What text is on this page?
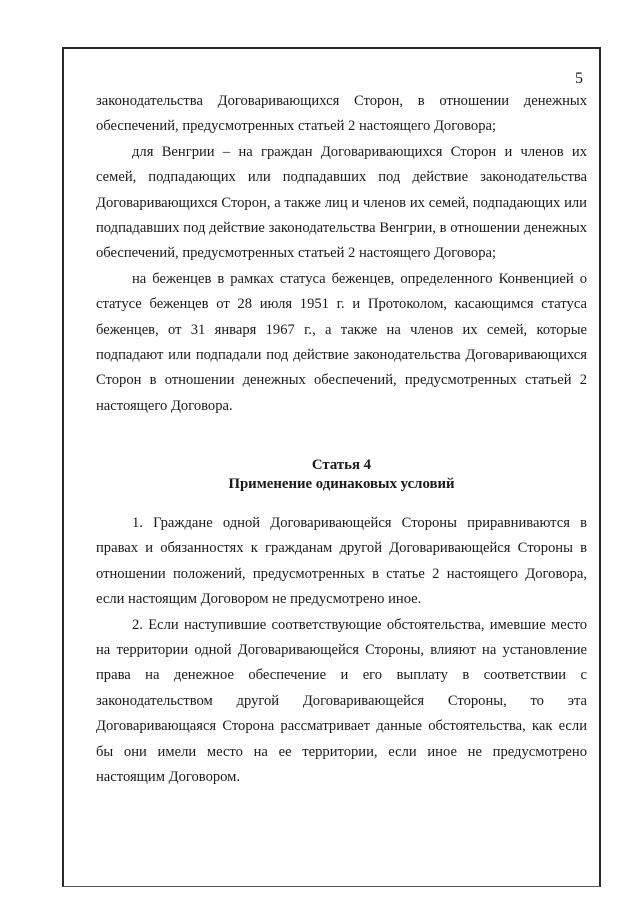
5

законодательства Договаривающихся Сторон, в отношении денежных обеспечений, предусмотренных статьей 2 настоящего Договора;

для Венгрии – на граждан Договаривающихся Сторон и членов их семей, подпадающих или подпадавших под действие законодательства Договаривающихся Сторон, а также лиц и членов их семей, подпадающих или подпадавших под действие законодательства Венгрии, в отношении денежных обеспечений, предусмотренных статьей 2 настоящего Договора;

на беженцев в рамках статуса беженцев, определенного Конвенцией о статусе беженцев от 28 июля 1951 г. и Протоколом, касающимся статуса беженцев, от 31 января 1967 г., а также на членов их семей, которые подпадают или подпадали под действие законодательства Договаривающихся Сторон в отношении денежных обеспечений, предусмотренных статьей 2 настоящего Договора.

Статья 4
Применение одинаковых условий

1. Граждане одной Договаривающейся Стороны приравниваются в правах и обязанностях к гражданам другой Договаривающейся Стороны в отношении положений, предусмотренных в статье 2 настоящего Договора, если настоящим Договором не предусмотрено иное.

2. Если наступившие соответствующие обстоятельства, имевшие место на территории одной Договаривающейся Стороны, влияют на установление права на денежное обеспечение и его выплату в соответствии с законодательством другой Договаривающейся Стороны, то эта Договаривающаяся Сторона рассматривает данные обстоятельства, как если бы они имели место на ее территории, если иное не предусмотрено настоящим Договором.
